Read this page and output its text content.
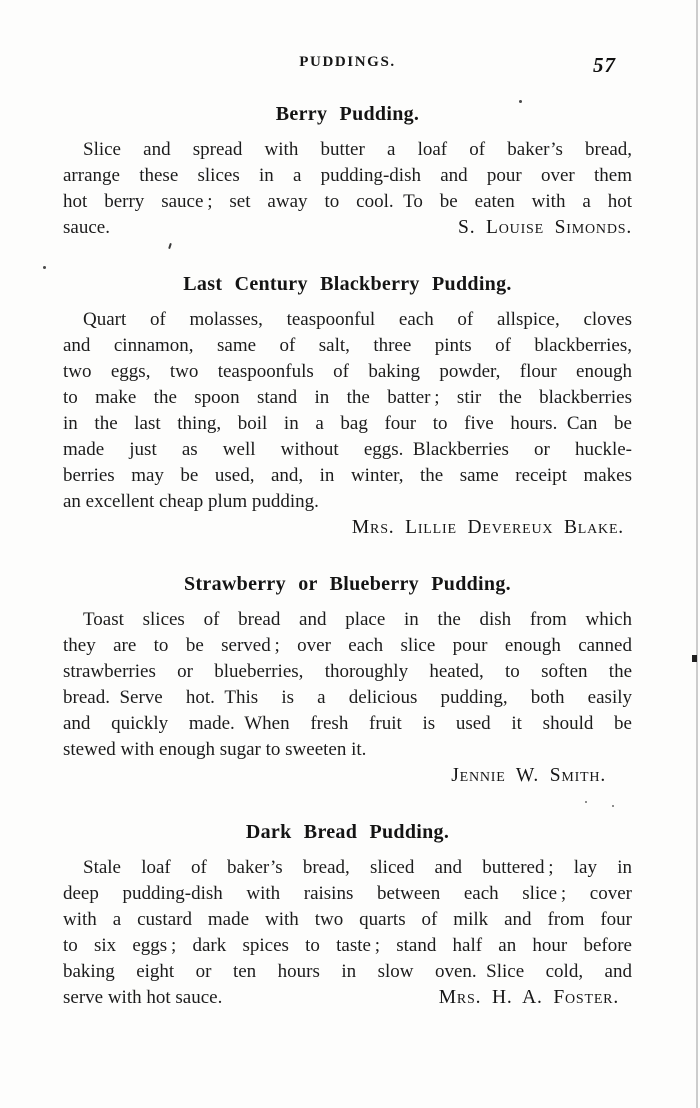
PUDDINGS.	57
Berry Pudding.
Slice and spread with butter a loaf of baker’s bread,
arrange these slices in a pudding-dish and pour over them
hot berry sauce ; set away to cool. To be eaten with a hot
sauce.	S. Louise Simonds.
Last Century Blackberry Pudding.
Quart of molasses, teaspoonful each of allspice, cloves
and cinnamon, same of salt, three pints of blackberries,
two eggs, two teaspoonfuls of baking powder, flour enough
to make the spoon stand in the batter ; stir the blackberries
in the last thing, boil in a bag four to five hours. Can be
made just as well without eggs. Blackberries or huckle-
berries may be used, and, in winter, the same receipt makes
an excellent cheap plum pudding.
Mrs. Lillie Devereux Blake.
Strawberry or Blueberry Pudding.
Toast slices of bread and place in the dish from which
they are to be served ; over each slice pour enough canned
strawberries or blueberries, thoroughly heated, to soften the
bread. Serve hot. This is a delicious pudding, both easily
and quickly made. When fresh fruit is used it should be
stewed with enough sugar to sweeten it.
Jennie W. Smith.
Dark Bread Pudding.
Stale loaf of baker’s bread, sliced and buttered ; lay in
deep pudding-dish with raisins between each slice ; cover
with a custard made with two quarts of milk and from four
to six eggs ; dark spices to taste ; stand half an hour before
baking eight or ten hours in slow oven. Slice cold, and
serve with hot sauce.	Mrs. H. A. Foster.
